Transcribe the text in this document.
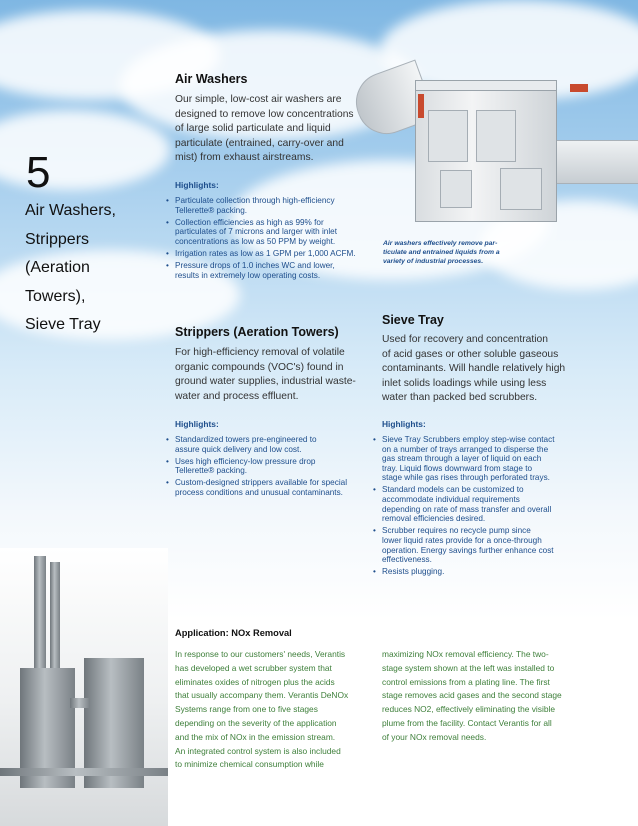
5
Air Washers,
Strippers
(Aeration
Towers),
Sieve Tray
Air Washers
Our simple, low-cost air washers are
designed to remove low concentrations
of large solid particulate and liquid
particulate (entrained, carry-over and
mist) from exhaust airstreams.
Highlights:
• Particulate collection through high-efficiency
Tellerette® packing.
• Collection efficiencies as high as 99% for
particulates of 7 microns and larger with inlet
concentrations as low as 50 PPM by weight.
• Irrigation rates as low as 1 GPM per 1,000 ACFM.
• Pressure drops of 1.0 inches WC and lower,
results in extremely low operating costs.
Air washers effectively remove par-
ticulate and entrained liquids from a
variety of industrial processes.
Strippers (Aeration Towers)
For high-efficiency removal of volatile
organic compounds (VOC's) found in
ground water supplies, industrial waste-
water and process effluent.
Highlights:
• Standardized towers pre-engineered to
assure quick delivery and low cost.
• Uses high efficiency-low pressure drop
Tellerette® packing.
• Custom-designed strippers available for special
process conditions and unusual contaminants.
Sieve Tray
Used for recovery and concentration
of acid gases or other soluble gaseous
contaminants. Will handle relatively high
inlet solids loadings while using less
water than packed bed scrubbers.
Highlights:
• Sieve Tray Scrubbers employ step-wise contact
on a number of trays arranged to disperse the
gas stream through a layer of liquid on each
tray. Liquid flows downward from stage to
stage while gas rises through perforated trays.
• Standard models can be customized to
accommodate individual requirements
depending on rate of mass transfer and overall
removal efficiencies desired.
• Scrubber requires no recycle pump since
lower liquid rates provide for a once-through
operation. Energy savings further enhance cost
effectiveness.
• Resists plugging.
Application: NOx Removal
In response to our customers' needs, Verantis
has developed a wet scrubber system that
eliminates oxides of nitrogen plus the acids
that usually accompany them. Verantis DeNOx
Systems range from one to five stages
depending on the severity of the application
and the mix of NOx in the emission stream.
An integrated control system is also included
to minimize chemical consumption while
maximizing NOx removal efficiency. The two-
stage system shown at the left was installed to
control emissions from a plating line. The first
stage removes acid gases and the second stage
reduces NO2, effectively eliminating the visible
plume from the facility. Contact Verantis for all
of your NOx removal needs.
